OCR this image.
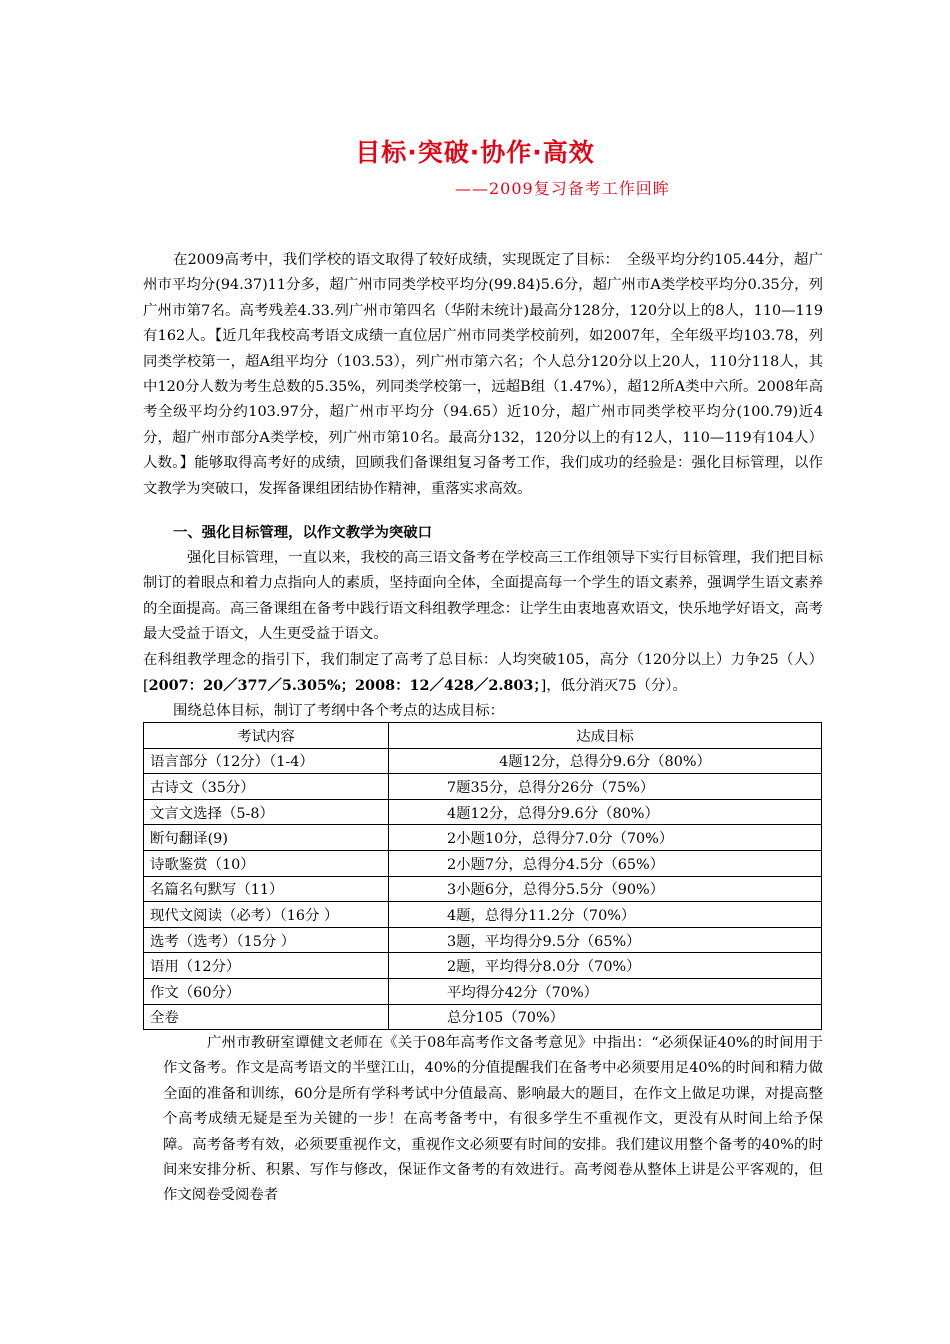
目标·突破·协作·高效
——2009复习备考工作回眸

在2009高考中，我们学校的语文取得了较好成绩，实现既定了目标：　全级平均分约105.44分，超广州市平均分(94.37)11分多，超广州市同类学校平均分(99.84)5.6分，超广州市A类学校平均分0.35分，列广州市第7名。高考残差4.33.列广州市第四名（华附未统计)最高分128分，120分以上的8人，110—119有162人。【近几年我校高考语文成绩一直位居广州市同类学校前列，如2007年，全年级平均103.78，列同类学校第一，超A组平均分（103.53），列广州市第六名；个人总分120分以上20人，110分118人，其中120分人数为考生总数的5.35%，列同类学校第一，远超B组（1.47%），超12所A类中六所。2008年高考全级平均分约103.97分，超广州市平均分（94.65）近10分，超广州市同类学校平均分(100.79)近4分，超广州市部分A类学校，列广州市第10名。最高分132，120分以上的有12人，110—119有104人）人数。】能够取得高考好的成绩，回顾我们备课组复习备考工作，我们成功的经验是：强化目标管理，以作文教学为突破口，发挥备课组团结协作精神，重落实求高效。

一、强化目标管理，以作文教学为突破口

强化目标管理，一直以来，我校的高三语文备考在学校高三工作组领导下实行目标管理，我们把目标制订的着眼点和着力点指向人的素质，坚持面向全体，全面提高每一个学生的语文素养，强调学生语文素养的全面提高。高三备课组在备考中践行语文科组教学理念：让学生由衷地喜欢语文，快乐地学好语文，高考最大受益于语文，人生更受益于语文。

在科组教学理念的指引下，我们制定了高考了总目标：人均突破105，高分（120分以上）力争25（人）[2007：20／377／5.305%；2008：12／428／2.803；]，低分消灭75（分）。

围绕总体目标，制订了考纲中各个考点的达成目标：
考试内容	达成目标
语言部分（12分）（1-4）	4题12分，总得分9.6分（80%）
古诗文（35分）	7题35分，总得分26分（75%）
文言文选择（5-8）	4题12分，总得分9.6分（80%）
断句翻译(9)	2小题10分，总得分7.0分（70%）
诗歌鉴赏（10）	2小题7分，总得分4.5分（65%）
名篇名句默写（11）	3小题6分，总得分5.5分（90%）
现代文阅读（必考）（16分 ）	4题，总得分11.2分（70%）
选考（选考）（15分 ）	3题，平均得分9.5分（65%）
语用（12分）	2题，平均得分8.0分（70%）
作文（60分）	平均得分42分（70%）
全卷	总分105（70%）

广州市教研室谭健文老师在《关于08年高考作文备考意见》中指出：“必须保证40%的时间用于作文备考。作文是高考语文的半壁江山，40%的分值提醒我们在备考中必须要用足40%的时间和精力做全面的准备和训练，60分是所有学科考试中分值最高、影响最大的题目，在作文上做足功课，对提高整个高考成绩无疑是至为关键的一步！在高考备考中，有很多学生不重视作文，更没有从时间上给予保障。高考备考有效，必须要重视作文，重视作文必须要有时间的安排。我们建议用整个备考的40%的时间来安排分析、积累、写作与修改，保证作文备考的有效进行。高考阅卷从整体上讲是公平客观的，但作文阅卷受阅卷者
